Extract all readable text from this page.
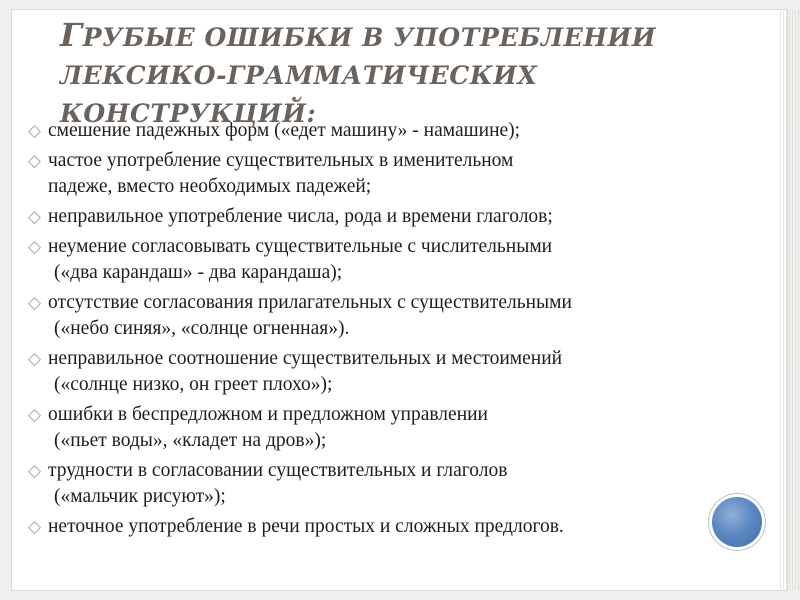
ГРУБЫЕ ОШИБКИ В УПОТРЕБЛЕНИИ ЛЕКСИКО-ГРАММАТИЧЕСКИХ КОНСТРУКЦИЙ:
◇ смешение падежных форм («едет машину» - намашине);
◇ частое употребление существительных в именительном падеже, вместо необходимых падежей;
◇ неправильное употребление числа, рода и времени глаголов;
◇ неумение согласовывать существительные с числительными
(«два карандаш» - два карандаша);
◇ отсутствие согласования прилагательных с существительными
(«небо синяя», «солнце огненная»).
◇ неправильное соотношение существительных и местоимений
(«солнце низко, он греет плохо»);
◇ ошибки в беспредложном и предложном управлении
(«пьет воды», «кладет на дров»);
◇ трудности в согласовании существительных и глаголов
(«мальчик рисуют»);
◇ неточное употребление в речи простых и сложных предлогов.
